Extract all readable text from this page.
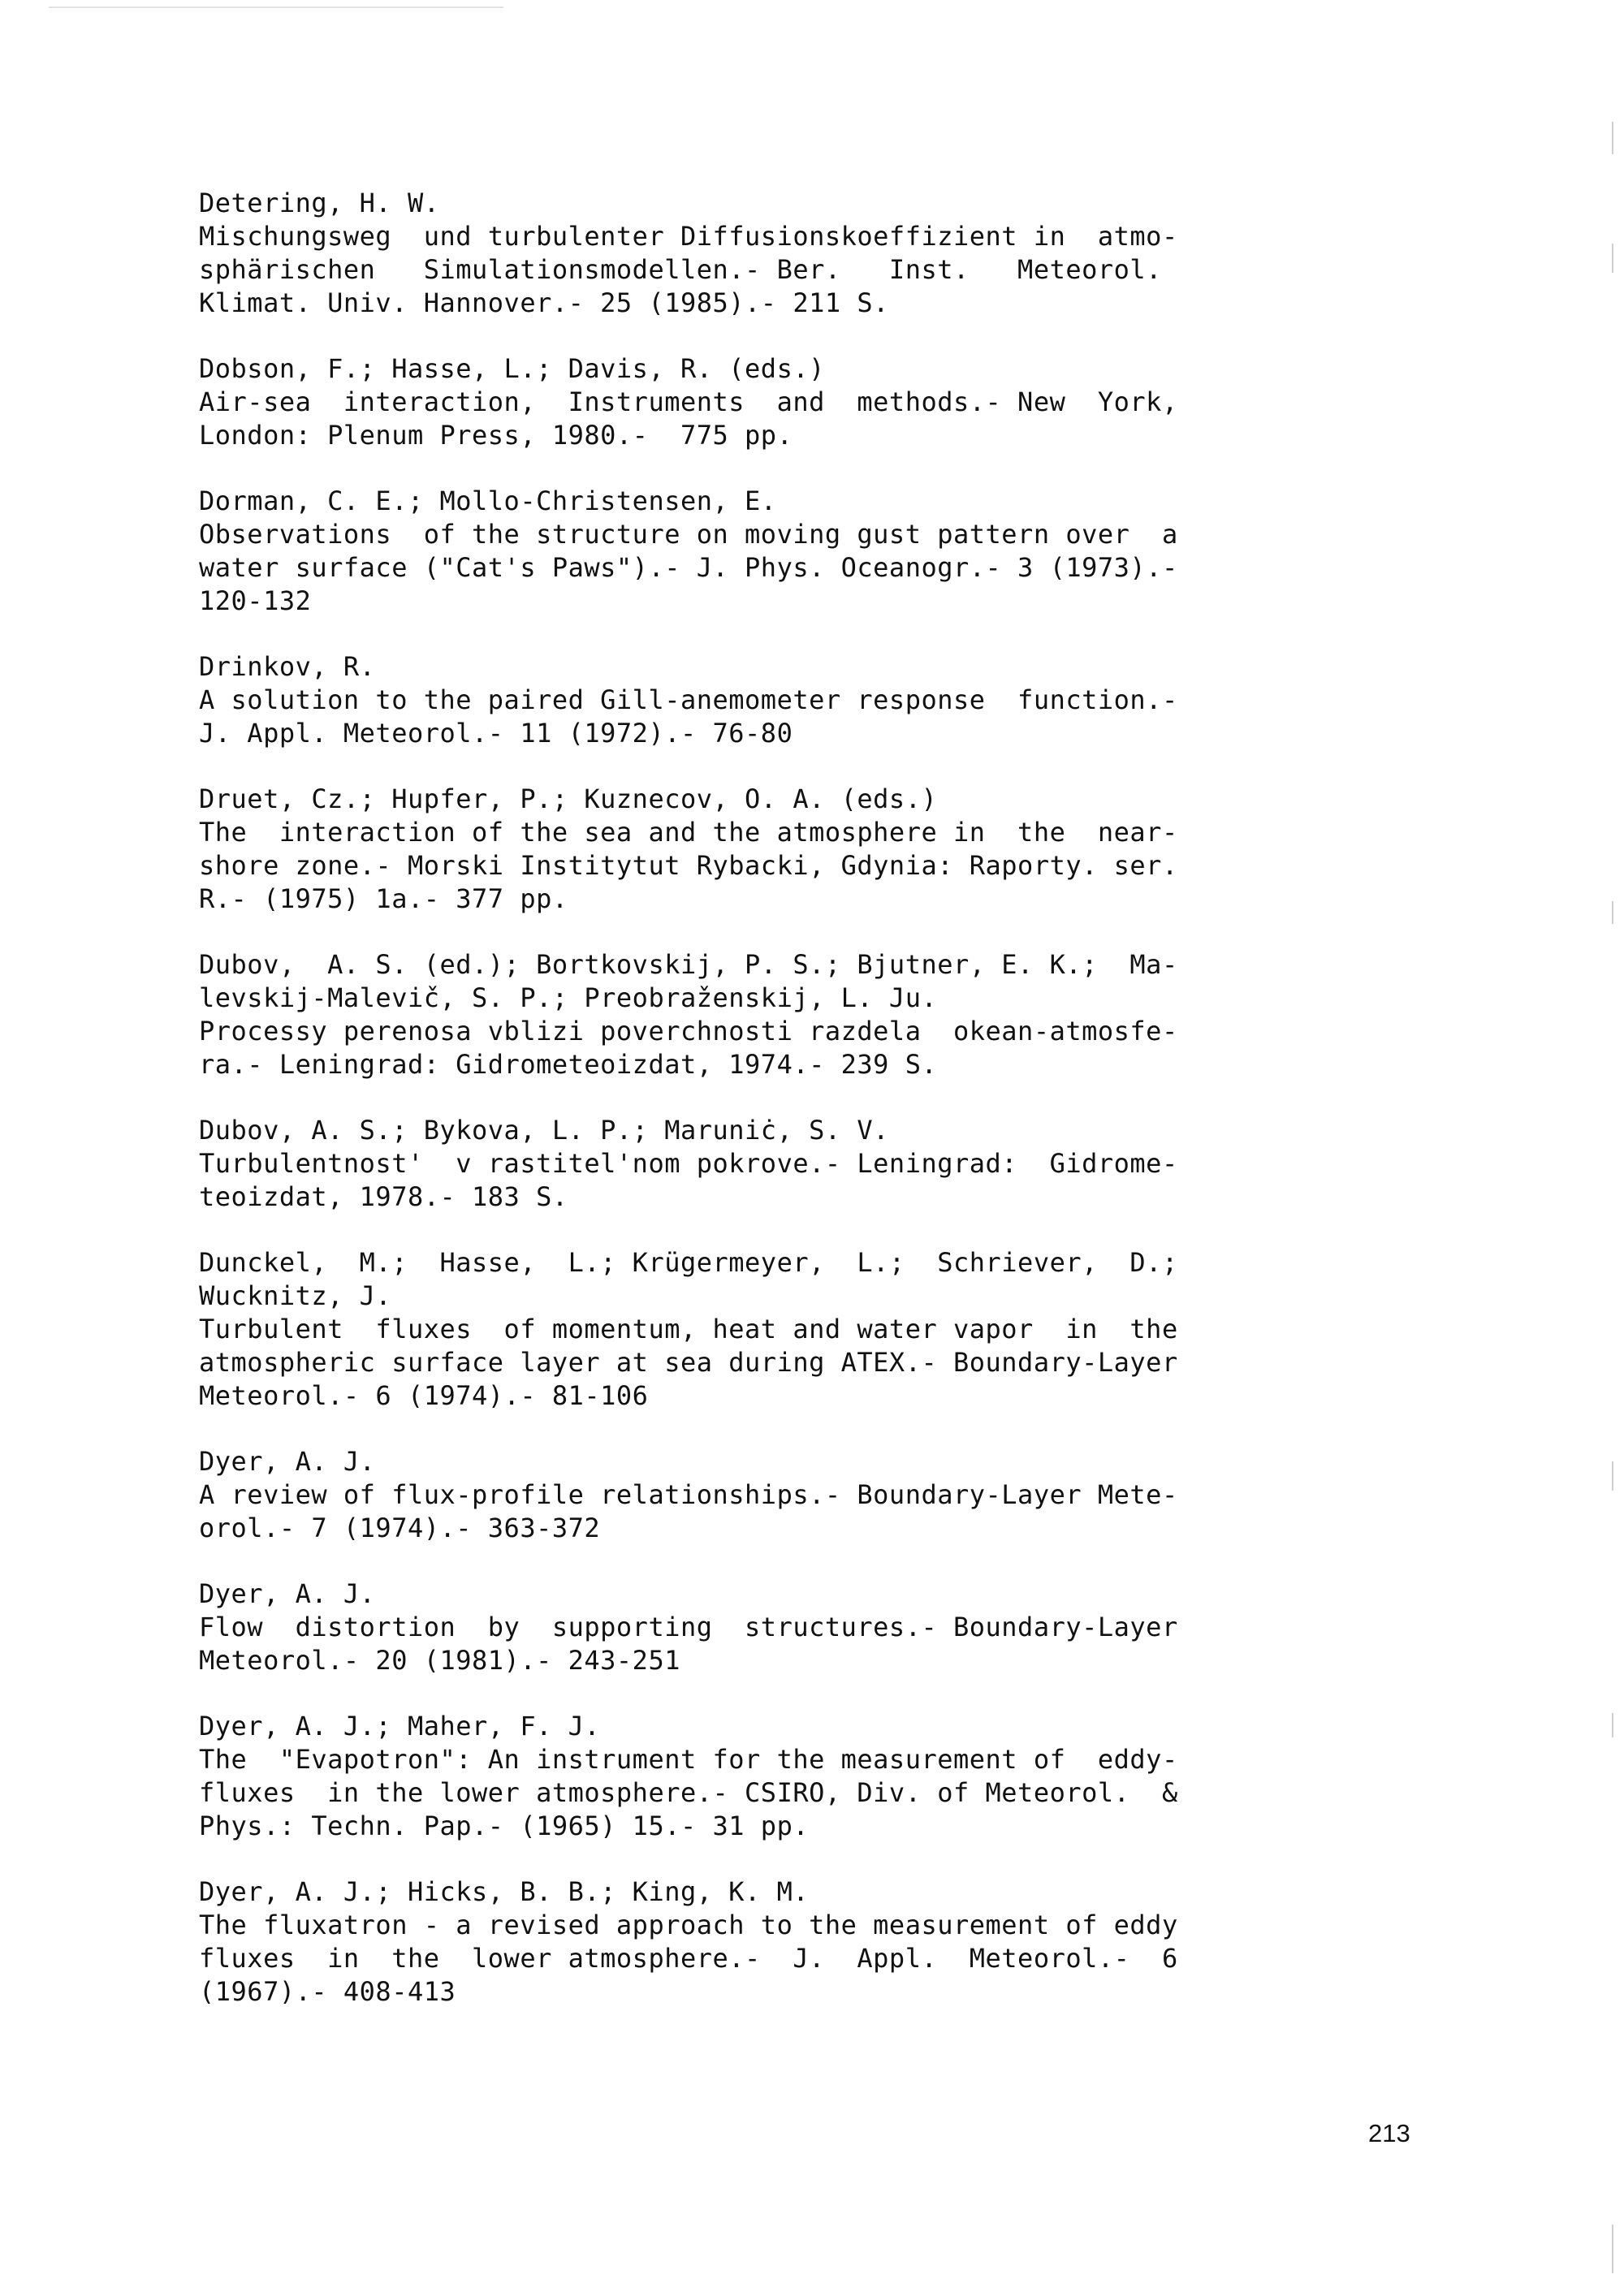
Detering, H. W.
Mischungsweg  und turbulenter Diffusionskoeffizient in  atmo-
sphärischen   Simulationsmodellen.- Ber.   Inst.   Meteorol.
Klimat. Univ. Hannover.- 25 (1985).- 211 S.
Dobson, F.; Hasse, L.; Davis, R. (eds.)
Air-sea  interaction,  Instruments  and  methods.- New  York,
London: Plenum Press, 1980.-  775 pp.
Dorman, C. E.; Mollo-Christensen, E.
Observations  of the structure on moving gust pattern over  a
water surface ("Cat's Paws").- J. Phys. Oceanogr.- 3 (1973).-
120-132
Drinkov, R.
A solution to the paired Gill-anemometer response  function.-
J. Appl. Meteorol.- 11 (1972).- 76-80
Druet, Cz.; Hupfer, P.; Kuznecov, O. A. (eds.)
The  interaction of the sea and the atmosphere in  the  near-
shore zone.- Morski Institytut Rybacki, Gdynia: Raporty. ser.
R.- (1975) 1a.- 377 pp.
Dubov,  A. S. (ed.); Bortkovskij, P. S.; Bjutner, E. K.;  Ma-
levskij-Malevič, S. P.; Preobraženskij, L. Ju.
Processy perenosa vblizi poverchnosti razdela  okean-atmosfe-
ra.- Leningrad: Gidrometeoizdat, 1974.- 239 S.
Dubov, A. S.; Bykova, L. P.; Maruniċ, S. V.
Turbulentnost'  v rastitel'nom pokrove.- Leningrad:  Gidrome-
teoizdat, 1978.- 183 S.
Dunckel,  M.;  Hasse,  L.; Krügermeyer,  L.;  Schriever,  D.;
Wucknitz, J.
Turbulent  fluxes  of momentum, heat and water vapor  in  the
atmospheric surface layer at sea during ATEX.- Boundary-Layer
Meteorol.- 6 (1974).- 81-106
Dyer, A. J.
A review of flux-profile relationships.- Boundary-Layer Mete-
orol.- 7 (1974).- 363-372
Dyer, A. J.
Flow  distortion  by  supporting  structures.- Boundary-Layer
Meteorol.- 20 (1981).- 243-251
Dyer, A. J.; Maher, F. J.
The  "Evapotron": An instrument for the measurement of  eddy-
fluxes  in the lower atmosphere.- CSIRO, Div. of Meteorol.  &
Phys.: Techn. Pap.- (1965) 15.- 31 pp.
Dyer, A. J.; Hicks, B. B.; King, K. M.
The fluxatron - a revised approach to the measurement of eddy
fluxes  in  the  lower atmosphere.-  J.  Appl.  Meteorol.-  6
(1967).- 408-413
213
